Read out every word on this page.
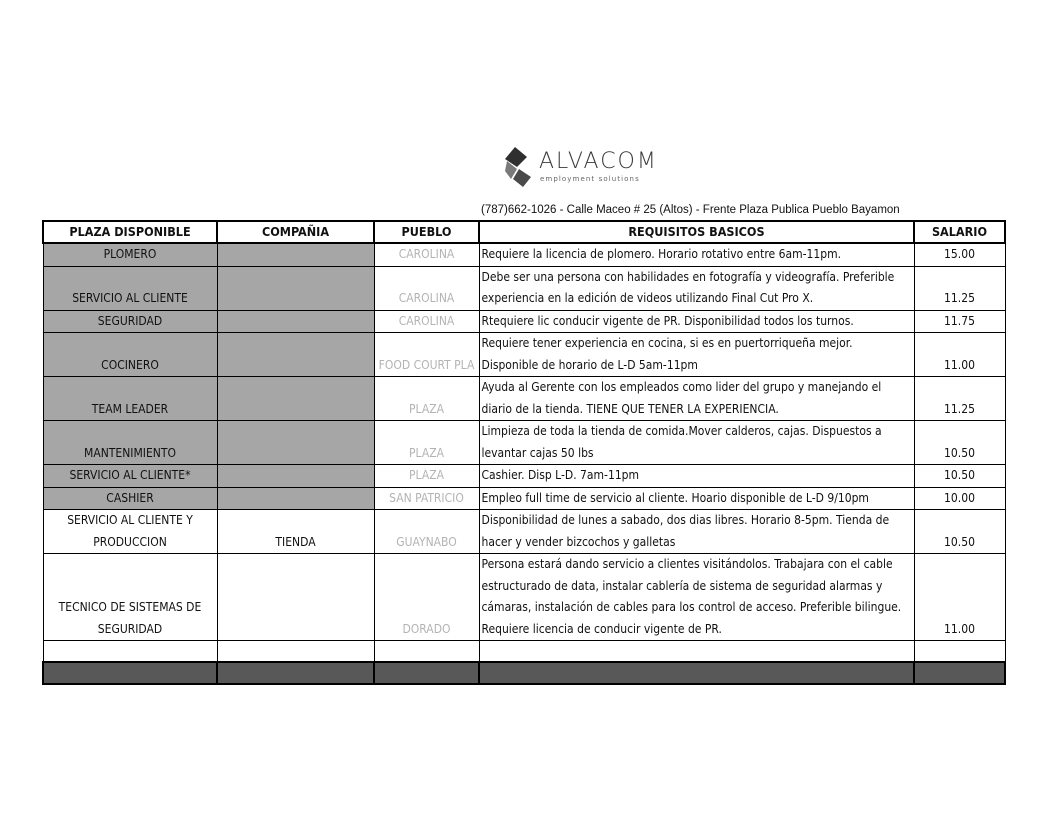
ALVACOM
employment solutions
(787)662-1026 - Calle Maceo # 25 (Altos) - Frente Plaza Publica Pueblo Bayamon
PLAZA DISPONIBLE	COMPAÑIA	PUEBLO	REQUISITOS BASICOS	SALARIO
PLOMERO		CAROLINA	Requiere la licencia de plomero. Horario rotativo entre 6am-11pm.	15.00
SERVICIO AL CLIENTE		CAROLINA	Debe ser una persona con habilidades en fotografía y videografía. Preferible experiencia en la edición de videos utilizando Final Cut Pro X.	11.25
SEGURIDAD		CAROLINA	Rtequiere lic conducir vigente de PR. Disponibilidad todos los turnos.	11.75
COCINERO		FOOD COURT PLA	Requiere tener experiencia en cocina, si es en puertorriqueña mejor. Disponible de horario de L-D 5am-11pm	11.00
TEAM LEADER		PLAZA	Ayuda al Gerente con los empleados como lider del grupo y manejando el diario de la tienda. TIENE QUE TENER LA EXPERIENCIA.	11.25
MANTENIMIENTO		PLAZA	Limpieza de toda la tienda de comida.Mover calderos, cajas. Dispuestos a levantar cajas 50 lbs	10.50
SERVICIO AL CLIENTE*		PLAZA	Cashier. Disp L-D. 7am-11pm	10.50
CASHIER		SAN PATRICIO	Empleo full time de servicio al cliente. Hoario disponible de L-D 9/10pm	10.00
SERVICIO AL CLIENTE Y PRODUCCION	TIENDA	GUAYNABO	Disponibilidad de lunes a sabado, dos dias libres. Horario 8-5pm. Tienda de hacer y vender bizcochos y galletas	10.50
TECNICO DE SISTEMAS DE SEGURIDAD		DORADO	Persona estará dando servicio a clientes visitándolos. Trabajara con el cable estructurado de data, instalar cablería de sistema de seguridad alarmas y cámaras, instalación de cables para los control de acceso. Preferible bilingue. Requiere licencia de conducir vigente de PR.	11.00
